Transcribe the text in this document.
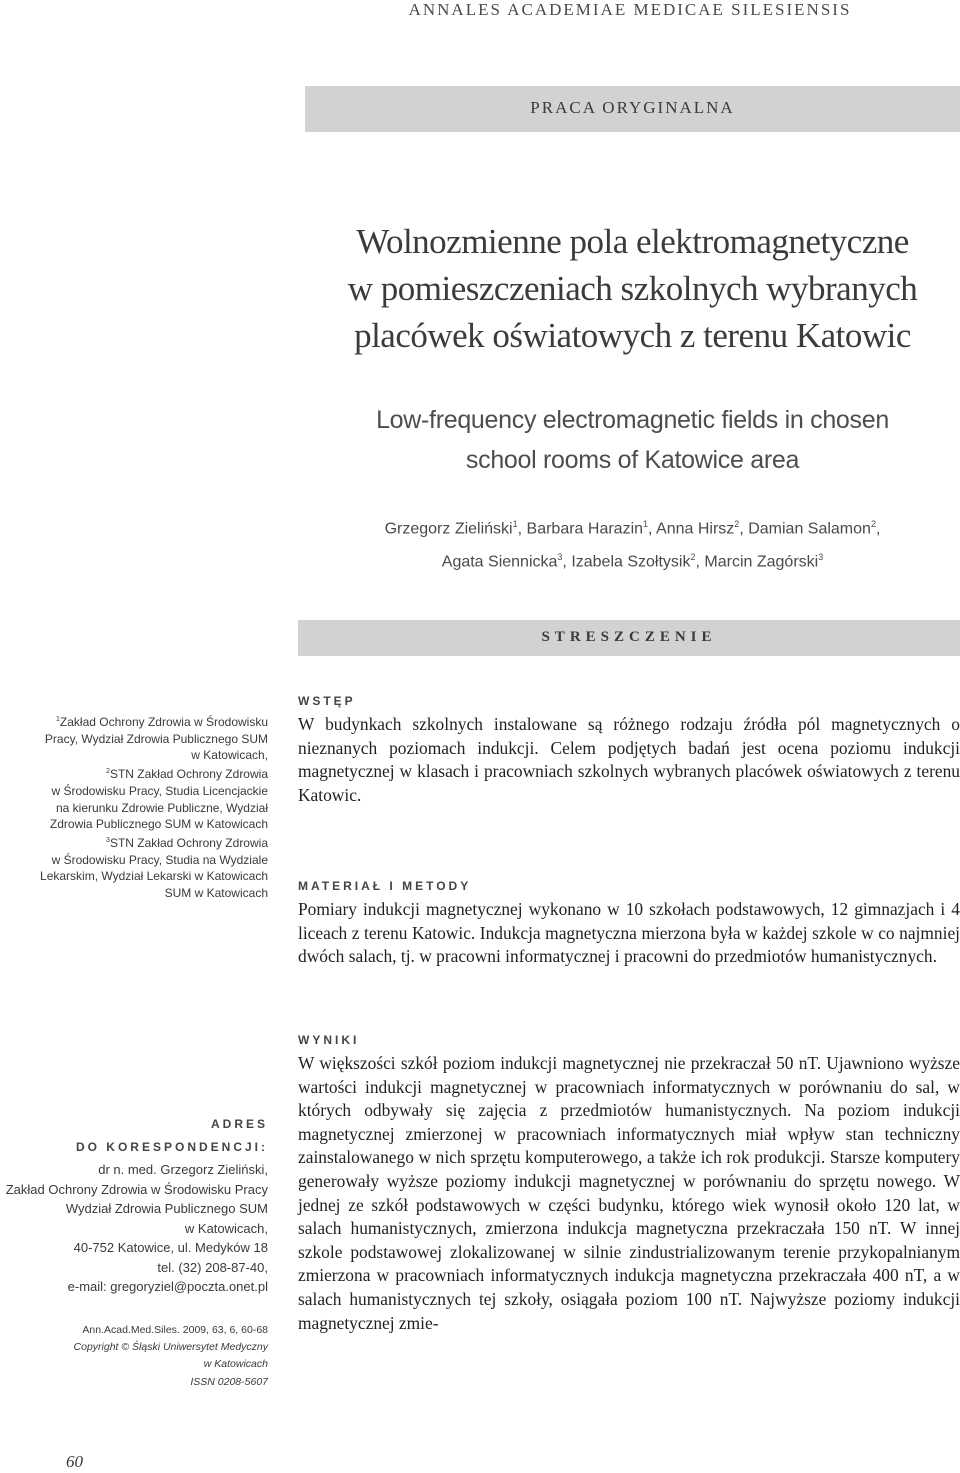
ANNALES ACADEMIAE MEDICAE SILESIENSIS
PRACA ORYGINALNA
Wolnozmienne pola elektromagnetyczne
w pomieszczeniach szkolnych wybranych
placówek oświatowych z terenu Katowic
Low-frequency electromagnetic fields in chosen
school rooms of Katowice area
Grzegorz Zieliński$^1$, Barbara Harazin$^1$, Anna Hirsz$^2$, Damian Salamon$^2$,
Agata Siennicka$^3$, Izabela Szołtysik$^2$, Marcin Zagórski$^3$
STRESZCZENIE

$^1$Zakład Ochrony Zdrowia w Środowisku

Pracy, Wydział Zdrowia Publicznego SUM

w Katowicach,

$^2$STN Zakład Ochrony Zdrowia

w Środowisku Pracy, Studia Licencjackie

na kierunku Zdrowie Publiczne, Wydział

Zdrowia Publicznego SUM w Katowicach

$^3$STN Zakład Ochrony Zdrowia

w Środowisku Pracy, Studia na Wydziale

Lekarskim, Wydział Lekarski w Katowicach

SUM w Katowicach

WSTĘP

W budynkach szkolnych instalowane są różnego rodzaju źródła pól magnetycznych o nieznanych poziomach indukcji. Celem podjętych badań jest ocena poziomu indukcji magnetycznej w klasach i pracowniach szkolnych wybranych placówek oświatowych z terenu Katowic.

MATERIAŁ I METODY

Pomiary indukcji magnetycznej wykonano w 10 szkołach podstawowych, 12 gimnazjach i 4 liceach z terenu Katowic. Indukcja magnetyczna mierzona była w każdej szkole w co najmniej dwóch salach, tj. w pracowni informatycznej i pracowni do przedmiotów humanistycznych.

WYNIKI

W większości szkół poziom indukcji magnetycznej nie przekraczał 50 nT. Ujawniono wyższe wartości indukcji magnetycznej w pracowniach informatycznych w porównaniu do sal, w których odbywały się zajęcia z przedmiotów humanistycznych. Na poziom indukcji magnetycznej zmierzonej w pracowniach informatycznych miał wpływ stan techniczny zainstalowanego w nich sprzętu komputerowego, a także ich rok produkcji. Starsze komputery generowały wyższe poziomy indukcji magnetycznej w porównaniu do sprzętu nowego. W jednej ze szkół podstawowych w części budynku, którego wiek wynosił około 120 lat, w salach humanistycznych, zmierzona indukcja magnetyczna przekraczała 150 nT. W innej szkole podstawowej zlokalizowanej w silnie zindustrializowanym terenie przykopalnianym zmierzona w pracowniach informatycznych indukcja magnetyczna przekraczała 400 nT, a w salach humanistycznych tej szkoły, osiągała poziom 100 nT. Najwyższe poziomy indukcji magnetycznej zmie-

ADRES
DO KORESPONDENCJI:

dr n. med. Grzegorz Zieliński,

Zakład Ochrony Zdrowia w Środowisku Pracy

Wydział Zdrowia Publicznego SUM

w Katowicach,

40-752 Katowice, ul. Medyków 18

tel. (32) 208-87-40,

e-mail: gregoryziel@poczta.onet.pl

Ann.Acad.Med.Siles. 2009, 63, 6, 60-68

Copyright © Śląski Uniwersytet Medyczny

w Katowicach

ISSN 0208-5607

60
